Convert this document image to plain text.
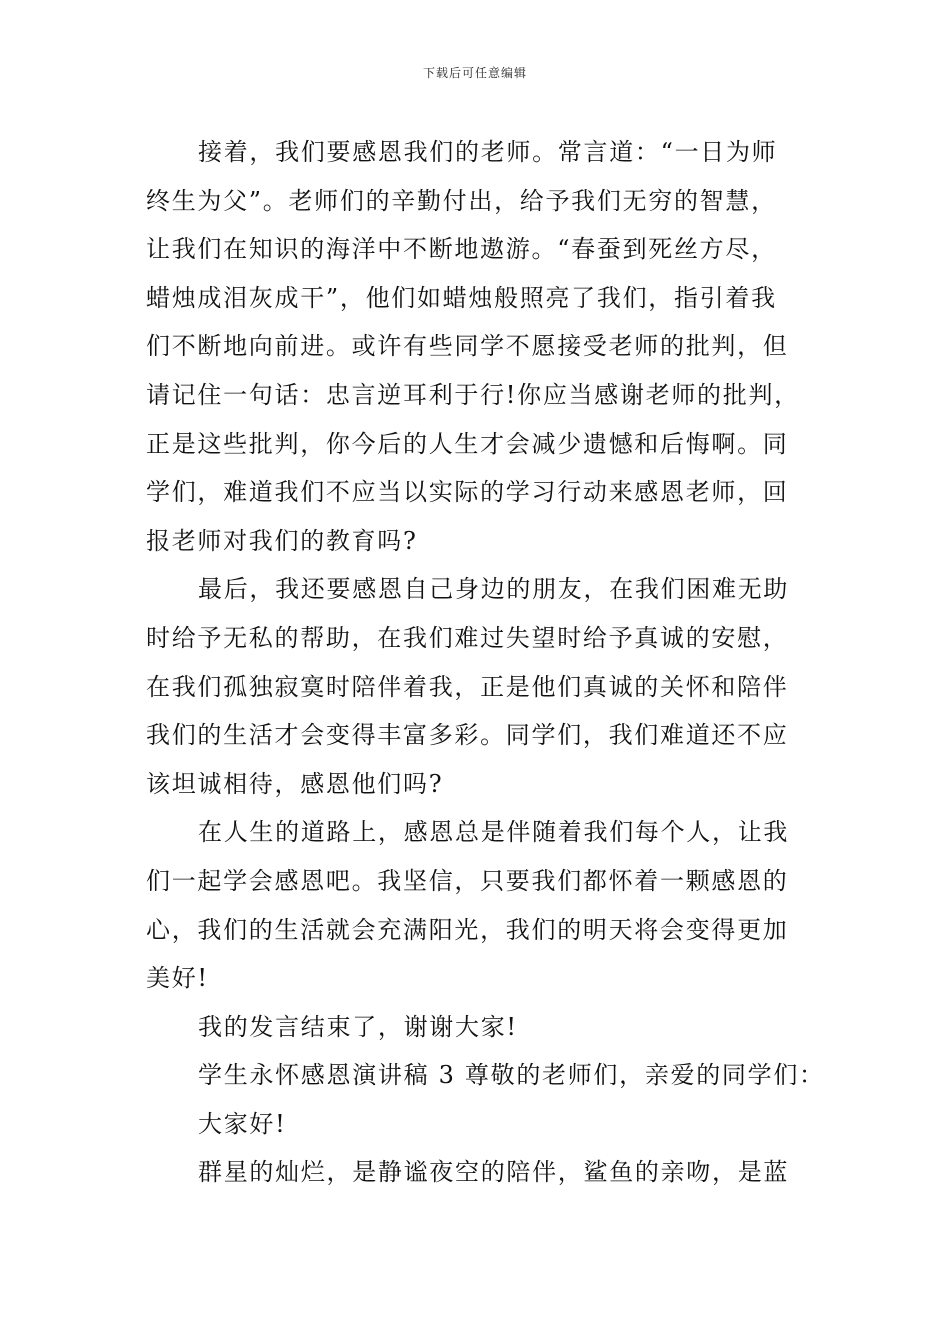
下载后可任意编辑
接着，我们要感恩我们的老师。常言道：“一日为师
终生为父”。老师们的辛勤付出，给予我们无穷的智慧，
让我们在知识的海洋中不断地遨游。“春蚕到死丝方尽，
蜡烛成泪灰成干”，他们如蜡烛般照亮了我们，指引着我
们不断地向前进。或许有些同学不愿接受老师的批判，但
请记住一句话：忠言逆耳利于行!你应当感谢老师的批判，
正是这些批判，你今后的人生才会减少遗憾和后悔啊。同
学们，难道我们不应当以实际的学习行动来感恩老师，回
报老师对我们的教育吗?
最后，我还要感恩自己身边的朋友，在我们困难无助
时给予无私的帮助，在我们难过失望时给予真诚的安慰，
在我们孤独寂寞时陪伴着我，正是他们真诚的关怀和陪伴
我们的生活才会变得丰富多彩。同学们，我们难道还不应
该坦诚相待，感恩他们吗?
在人生的道路上，感恩总是伴随着我们每个人，让我
们一起学会感恩吧。我坚信，只要我们都怀着一颗感恩的
心，我们的生活就会充满阳光，我们的明天将会变得更加
美好!
我的发言结束了，谢谢大家!
学生永怀感恩演讲稿 3 尊敬的老师们，亲爱的同学们：
大家好!
群星的灿烂，是静谧夜空的陪伴，鲨鱼的亲吻，是蓝
